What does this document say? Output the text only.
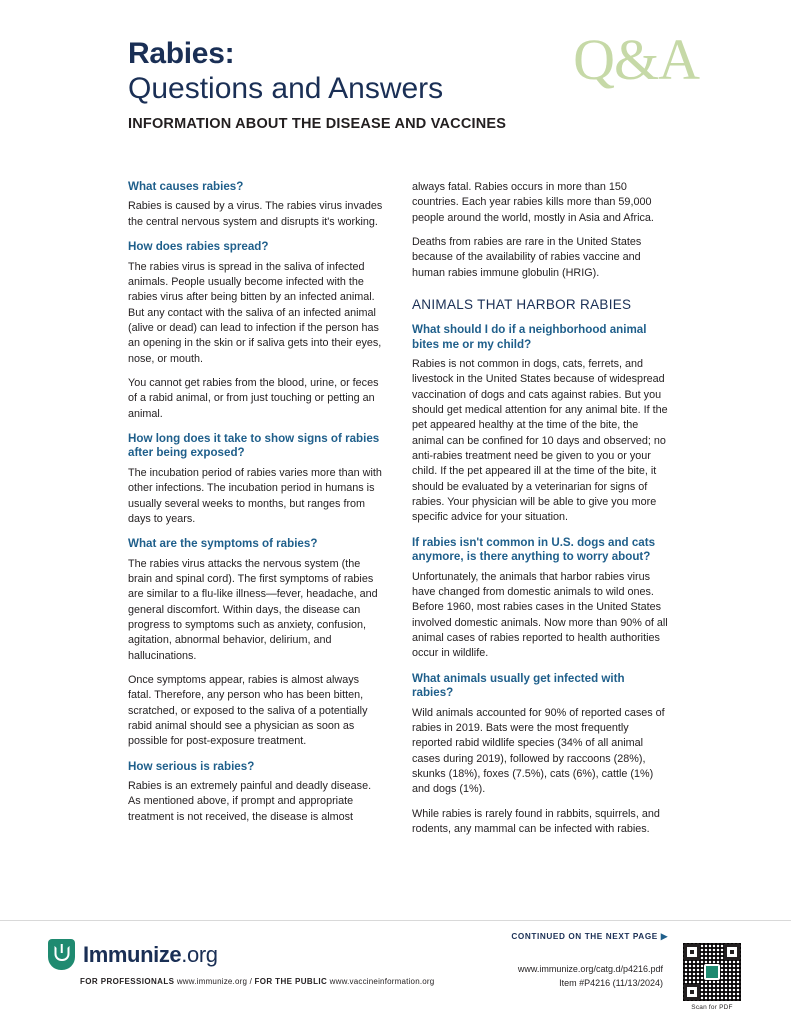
Q&A
Rabies:
Questions and Answers
INFORMATION ABOUT THE DISEASE AND VACCINES
What causes rabies?

Rabies is caused by a virus. The rabies virus invades the central nervous system and disrupts it's working.

How does rabies spread?

The rabies virus is spread in the saliva of infected animals. People usually become infected with the rabies virus after being bitten by an infected animal. But any contact with the saliva of an infected animal (alive or dead) can lead to infection if the person has an opening in the skin or if saliva gets into their eyes, nose, or mouth.

You cannot get rabies from the blood, urine, or feces of a rabid animal, or from just touching or petting an animal.

How long does it take to show signs of rabies after being exposed?

The incubation period of rabies varies more than with other infections. The incubation period in humans is usually several weeks to months, but ranges from days to years.

What are the symptoms of rabies?

The rabies virus attacks the nervous system (the brain and spinal cord). The first symptoms of rabies are similar to a flu-like illness—fever, headache, and general discomfort. Within days, the disease can progress to symptoms such as anxiety, confusion, agitation, abnormal behavior, delirium, and hallucinations.

Once symptoms appear, rabies is almost always fatal. Therefore, any person who has been bitten, scratched, or exposed to the saliva of a potentially rabid animal should see a physician as soon as possible for post-exposure treatment.

How serious is rabies?

Rabies is an extremely painful and deadly disease. As mentioned above, if prompt and appropriate treatment is not received, the disease is almost

always fatal. Rabies occurs in more than 150 countries. Each year rabies kills more than 59,000 people around the world, mostly in Asia and Africa.

Deaths from rabies are rare in the United States because of the availability of rabies vaccine and human rabies immune globulin (HRIG).

ANIMALS THAT HARBOR RABIES
What should I do if a neighborhood animal bites me or my child?

Rabies is not common in dogs, cats, ferrets, and livestock in the United States because of widespread vaccination of dogs and cats against rabies. But you should get medical attention for any animal bite. If the pet appeared healthy at the time of the bite, the animal can be confined for 10 days and observed; no anti-rabies treatment need be given to you or your child. If the pet appeared ill at the time of the bite, it should be evaluated by a veterinarian for signs of rabies. Your physician will be able to give you more specific advice for your situation.

If rabies isn't common in U.S. dogs and cats anymore, is there anything to worry about?

Unfortunately, the animals that harbor rabies virus have changed from domestic animals to wild ones. Before 1960, most rabies cases in the United States involved domestic animals. Now more than 90% of all animal cases of rabies reported to health authorities occur in wildlife.

What animals usually get infected with rabies?

Wild animals accounted for 90% of reported cases of rabies in 2019. Bats were the most frequently reported rabid wildlife species (34% of all animal cases during 2019), followed by raccoons (28%), skunks (18%), foxes (7.5%), cats (6%), cattle (1%) and dogs (1%).

While rabies is rarely found in rabbits, squirrels, and rodents, any mammal can be infected with rabies.

CONTINUED ON THE NEXT PAGE ▶
Immunize.org
FOR PROFESSIONALS www.immunize.org / FOR THE PUBLIC www.vaccineinformation.org
www.immunize.org/catg.d/p4216.pdf
Item #P4216 (11/13/2024)
Scan for PDF
